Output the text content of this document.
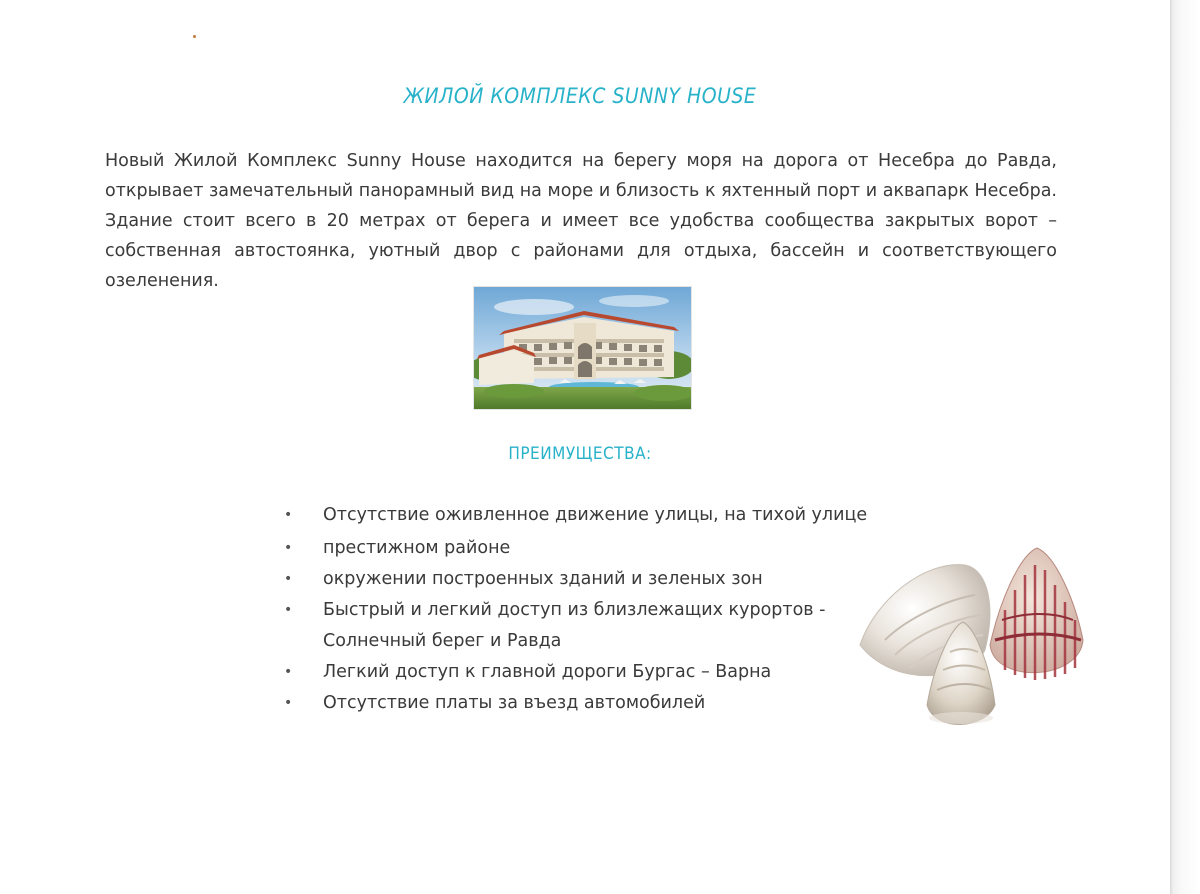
ЖИЛОЙ КОМПЛЕКС SUNNY HOUSE

Новый Жилой Комплекс Sunny House находится на берегу моря на дорога от Несебра до Равда, открывает замечательный панорамный вид на море и близость к яхтенный порт и аквапарк Несебра. Здание стоит всего в 20 метрах от берега и имеет все удобства сообщества закрытых ворот – собственная автостоянка, уютный двор с районами для отдыха, бассейн и соответствующего озеленения.

ПРЕИМУЩЕСТВА:
• Отсутствие оживленное движение улицы, на тихой улице
• престижном районе
• окружении построенных зданий и зеленых зон
• Быстрый и легкий доступ из близлежащих курортов - Солнечный берег и Равда
• Легкий доступ к главной дороги Бургас – Варна
• Отсутствие платы за въезд автомобилей
